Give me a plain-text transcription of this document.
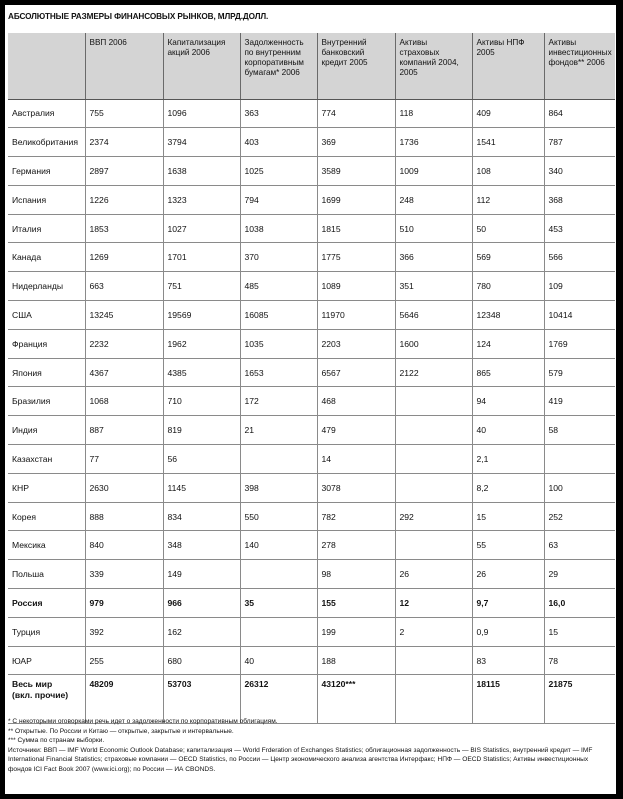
АБСОЛЮТНЫЕ РАЗМЕРЫ ФИНАНСОВЫХ РЫНКОВ, МЛРД.ДОЛЛ.
	ВВП 2006	Капитализация акций 2006	Задолженность по внутренним корпоративным бумагам* 2006	Внутренний банковский кредит 2005	Активы страховых компаний 2004, 2005	Активы НПФ 2005	Активы инвестиционных фондов** 2006
Австралия	755	1096	363	774	118	409	864
Великобритания	2374	3794	403	369	1736	1541	787
Германия	2897	1638	1025	3589	1009	108	340
Испания	1226	1323	794	1699	248	112	368
Италия	1853	1027	1038	1815	510	50	453
Канада	1269	1701	370	1775	366	569	566
Нидерланды	663	751	485	1089	351	780	109
США	13245	19569	16085	11970	5646	12348	10414
Франция	2232	1962	1035	2203	1600	124	1769
Япония	4367	4385	1653	6567	2122	865	579
Бразилия	1068	710	172	468		94	419
Индия	887	819	21	479		40	58
Казахстан	77	56		14		2,1	
КНР	2630	1145	398	3078		8,2	100
Корея	888	834	550	782	292	15	252
Мексика	840	348	140	278		55	63
Польша	339	149		98	26	26	29
Россия	979	966	35	155	12	9,7	16,0
Турция	392	162		199	2	0,9	15
ЮАР	255	680	40	188		83	78

Весь мир
(вкл. прочие)	48209	53703	26312	43120***		18115	21875

* С некоторыми оговорками речь идет о задолженности по корпоративным облигациям.

** Открытые. По России и Китаю — открытые, закрытые и интервальные.

*** Сумма по странам выборки.

Источники: ВВП — IMF World Economic Outlook Database; капитализация — World Frderation of Exchanges Statistics; облигационная задолженность — BIS Statistics, внутренний кредит — IMF International Financial Statistics; страховые компании — OECD Statistics, по России — Центр экономического анализа агентства Интерфакс; НПФ — OECD Statistics; Активы инвестиционных фондов ICI Fact Book 2007 (www.ici.org); по России — ИА CBONDS.
